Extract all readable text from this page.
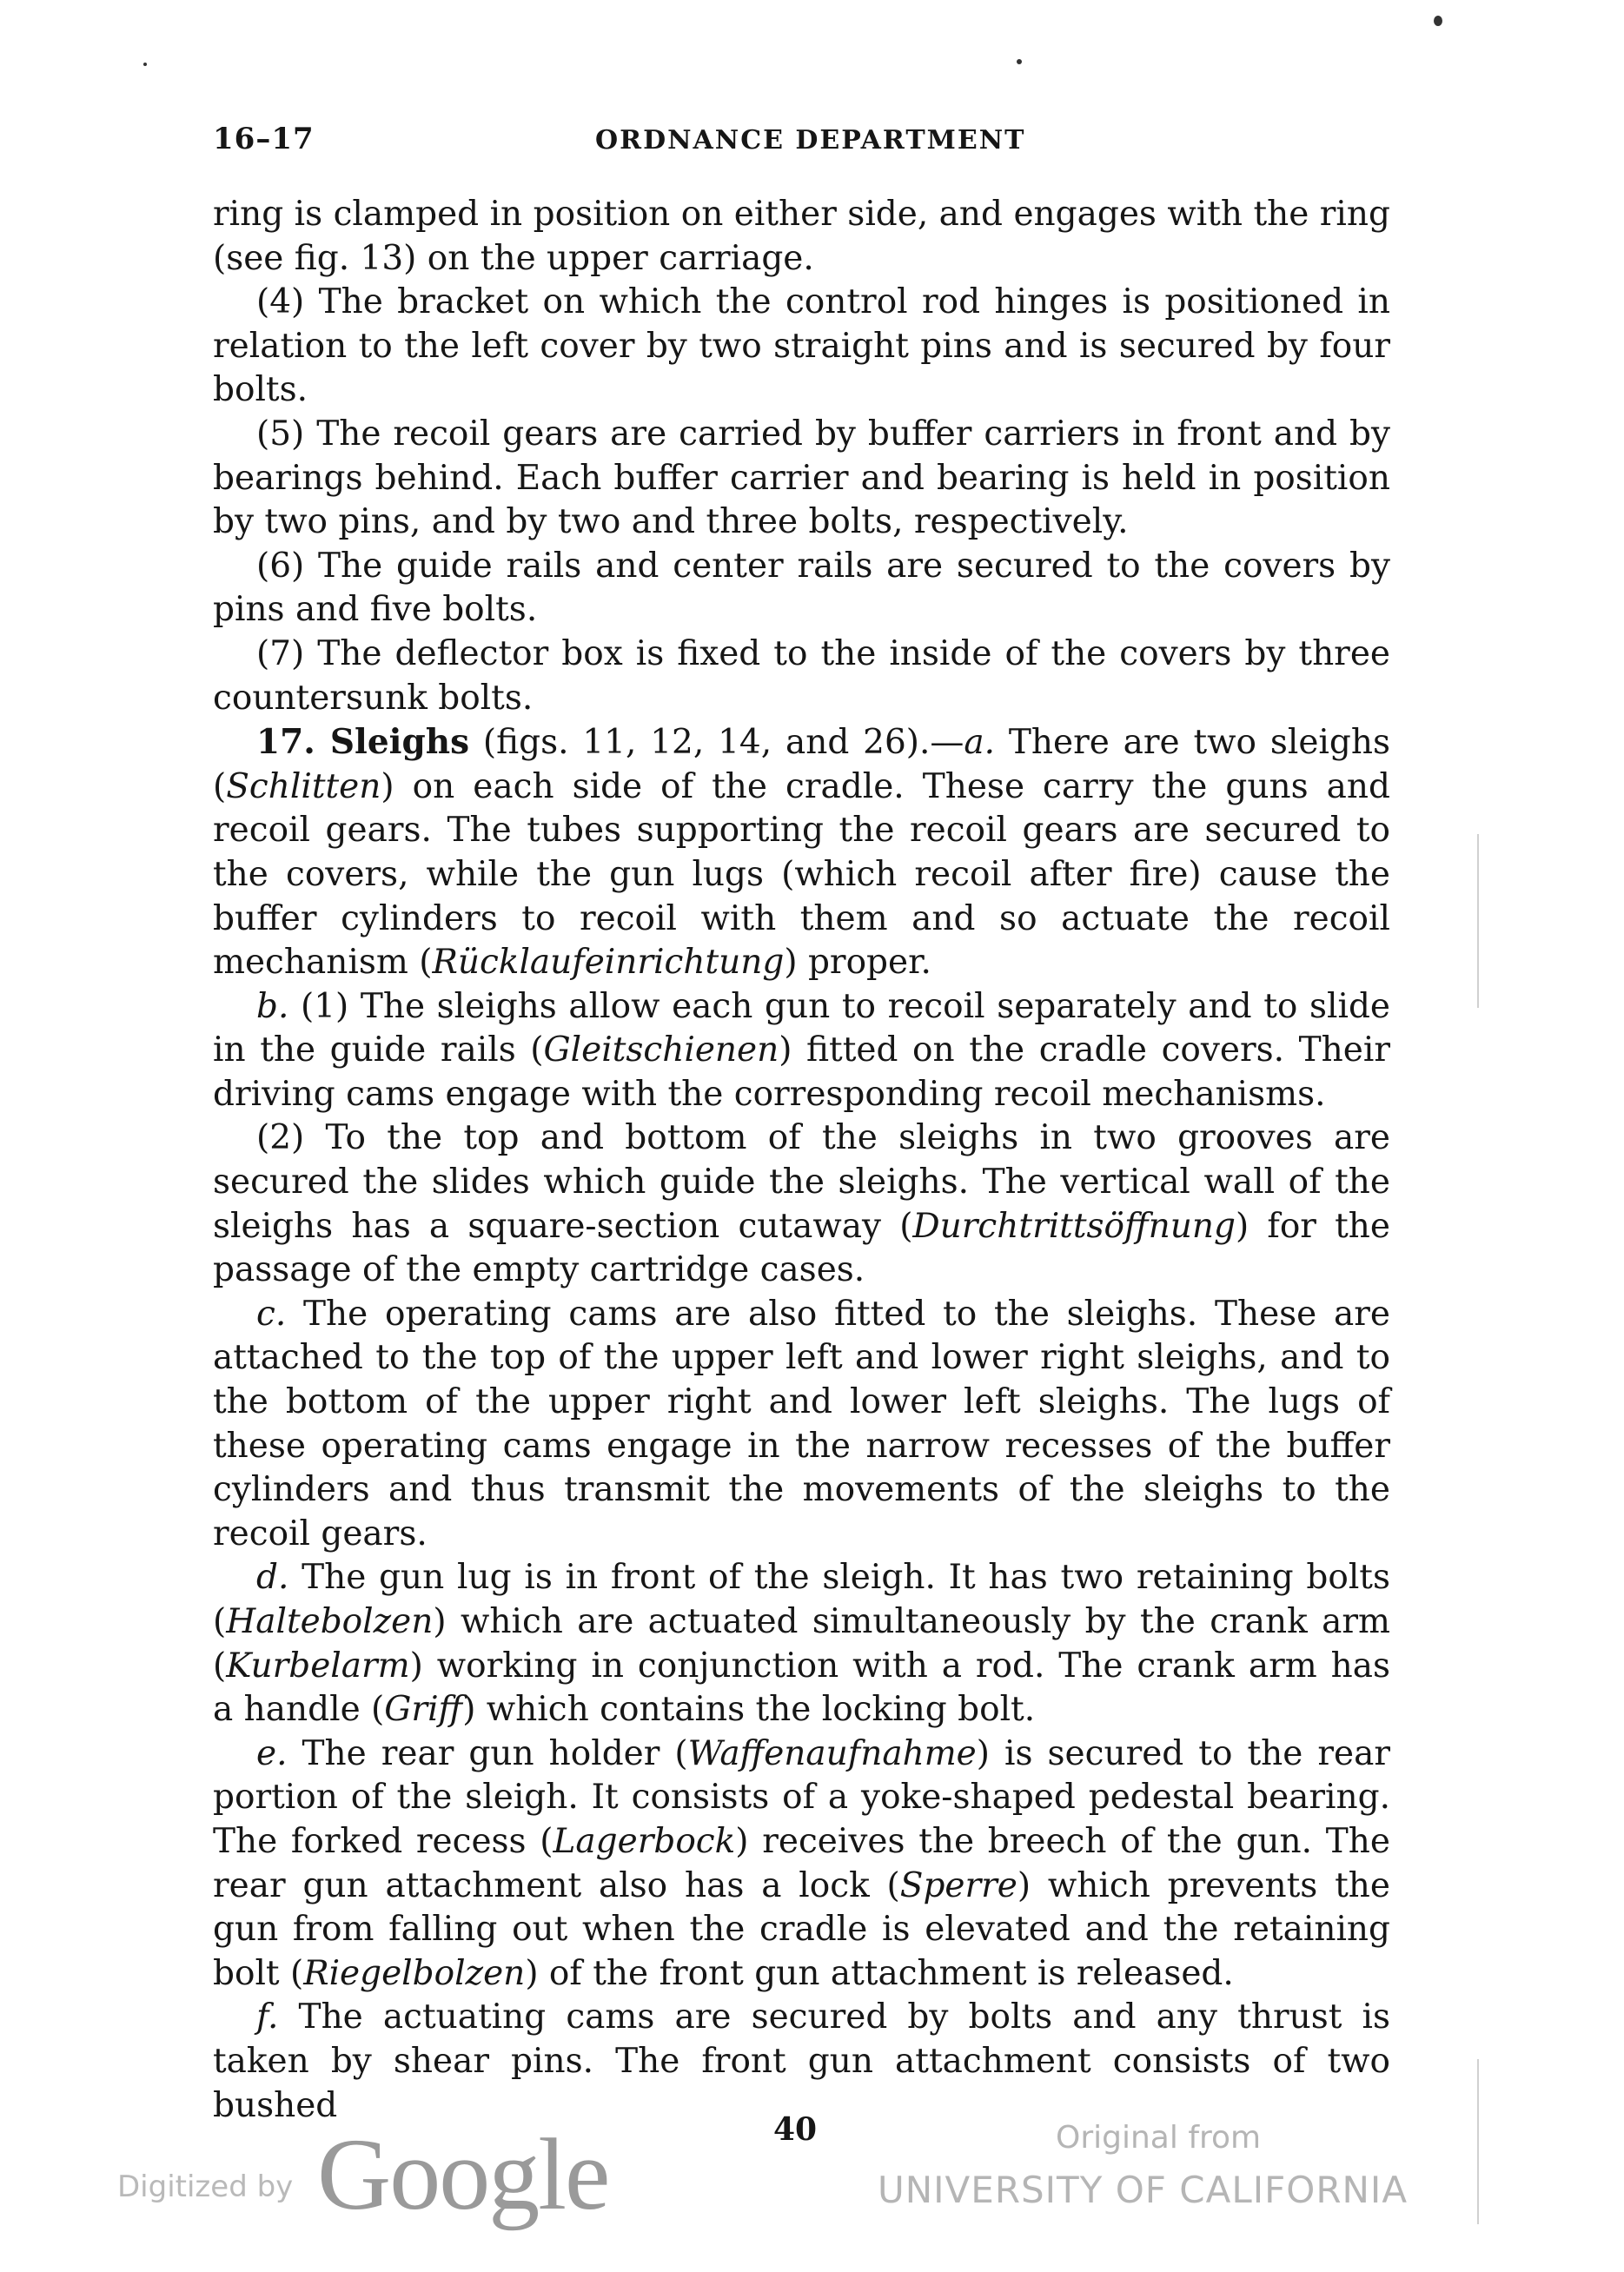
16–17	ORDNANCE DEPARTMENT

ring is clamped in position on either side, and engages with the ring (see fig. 13) on the upper carriage.

(4) The bracket on which the control rod hinges is positioned in relation to the left cover by two straight pins and is secured by four bolts.

(5) The recoil gears are carried by buffer carriers in front and by bearings behind. Each buffer carrier and bearing is held in position by two pins, and by two and three bolts, respectively.

(6) The guide rails and center rails are secured to the covers by pins and five bolts.

(7) The deflector box is fixed to the inside of the covers by three countersunk bolts.

17. Sleighs (figs. 11, 12, 14, and 26).—a. There are two sleighs (Schlitten) on each side of the cradle. These carry the guns and recoil gears. The tubes supporting the recoil gears are secured to the covers, while the gun lugs (which recoil after fire) cause the buffer cylinders to recoil with them and so actuate the recoil mechanism (Rücklaufeinrichtung) proper.

b. (1) The sleighs allow each gun to recoil separately and to slide in the guide rails (Gleitschienen) fitted on the cradle covers. Their driving cams engage with the corresponding recoil mechanisms.

(2) To the top and bottom of the sleighs in two grooves are secured the slides which guide the sleighs. The vertical wall of the sleighs has a square-section cutaway (Durchtrittsöffnung) for the passage of the empty cartridge cases.

c. The operating cams are also fitted to the sleighs. These are attached to the top of the upper left and lower right sleighs, and to the bottom of the upper right and lower left sleighs. The lugs of these operating cams engage in the narrow recesses of the buffer cylinders and thus transmit the movements of the sleighs to the recoil gears.

d. The gun lug is in front of the sleigh. It has two retaining bolts (Haltebolzen) which are actuated simultaneously by the crank arm (Kurbelarm) working in conjunction with a rod. The crank arm has a handle (Griff) which contains the locking bolt.

e. The rear gun holder (Waffenaufnahme) is secured to the rear portion of the sleigh. It consists of a yoke-shaped pedestal bearing. The forked recess (Lagerbock) receives the breech of the gun. The rear gun attachment also has a lock (Sperre) which prevents the gun from falling out when the cradle is elevated and the retaining bolt (Riegelbolzen) of the front gun attachment is released.

f. The actuating cams are secured by bolts and any thrust is taken by shear pins. The front gun attachment consists of two bushed

40
Digitized by Google	Original from
UNIVERSITY OF CALIFORNIA
